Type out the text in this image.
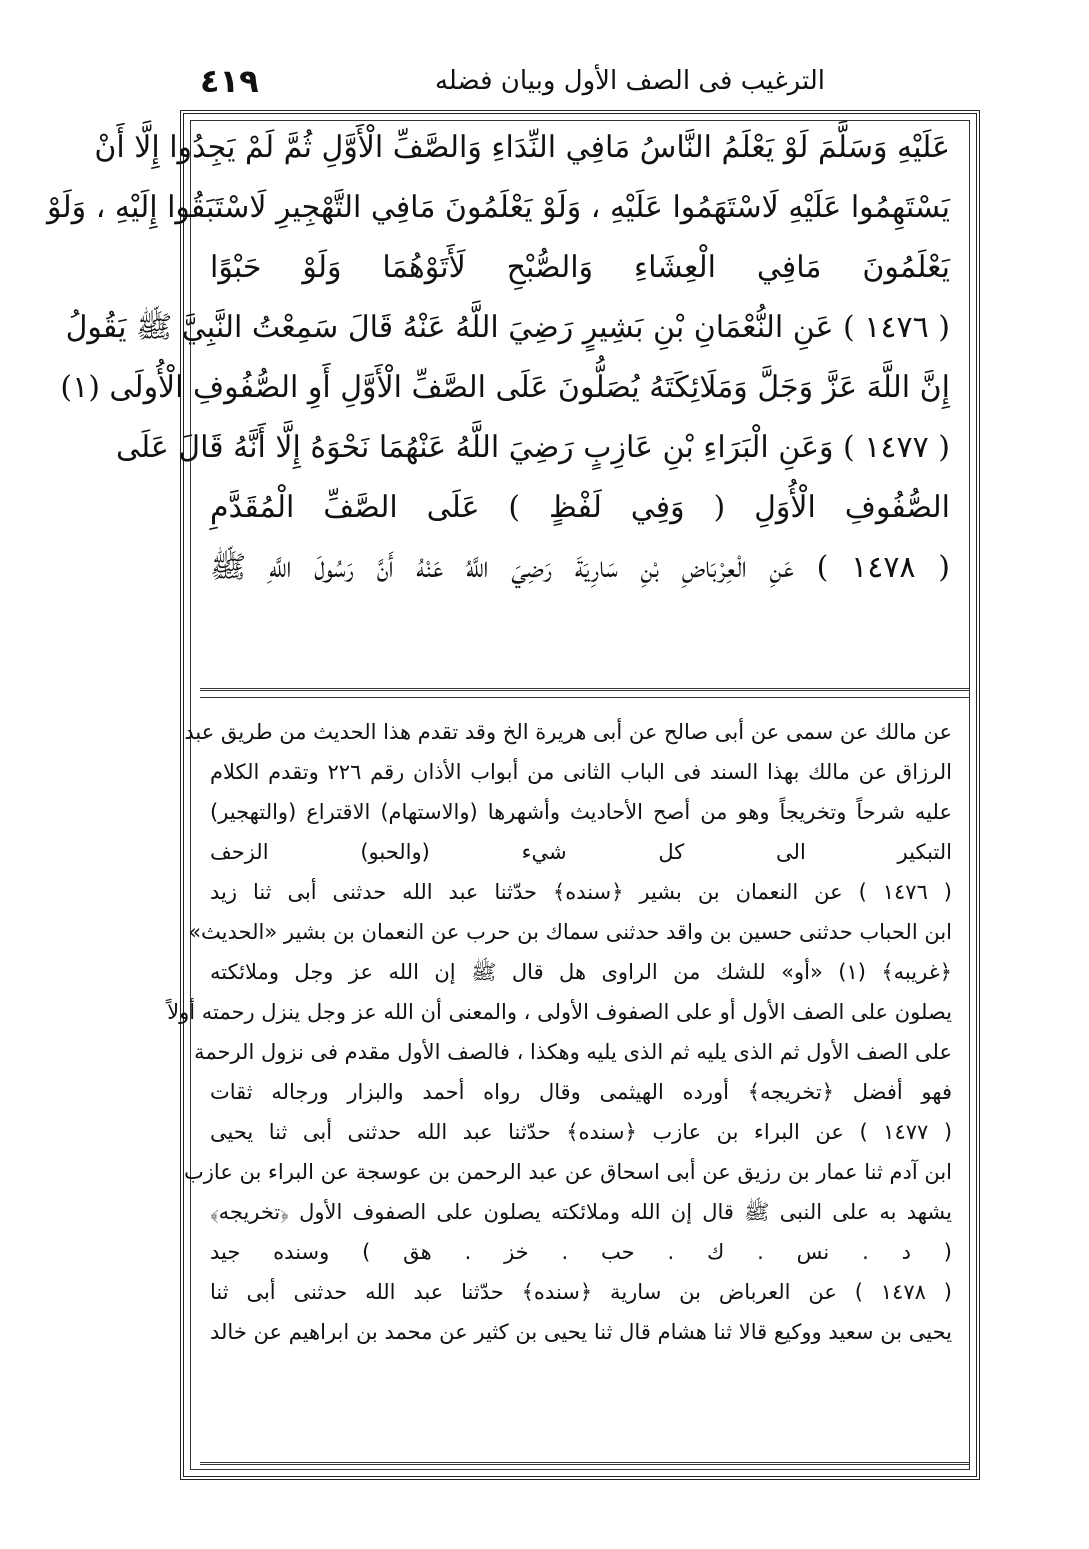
الترغيب فى الصف الأول وبيان فضله
٤١٩
عَلَيْهِ وَسَلَّمَ لَوْ يَعْلَمُ النَّاسُ مَافِي النِّدَاءِ وَالصَّفِّ الْأَوَّلِ ثُمَّ لَمْ يَجِدُوا إِلَّا أَنْ
يَسْتَهِمُوا عَلَيْهِ لَاسْتَهَمُوا عَلَيْهِ ، وَلَوْ يَعْلَمُونَ مَافِي التَّهْجِيرِ لَاسْتَبَقُوا إِلَيْهِ ، وَلَوْ
يَعْلَمُونَ مَافِي الْعِشَاءِ وَالصُّبْحِ لَأَتَوْهُمَا وَلَوْ حَبْوًا
( ١٤٧٦ ) عَنِ النُّعْمَانِ بْنِ بَشِيرٍ رَضِيَ اللَّهُ عَنْهُ قَالَ سَمِعْتُ النَّبِيَّ ﷺ يَقُولُ
إِنَّ اللَّهَ عَزَّ وَجَلَّ وَمَلَائِكَتَهُ يُصَلُّونَ عَلَى الصَّفِّ الْأَوَّلِ أَوِ الصُّفُوفِ الْأُولَى (١)
( ١٤٧٧ ) وَعَنِ الْبَرَاءِ بْنِ عَازِبٍ رَضِيَ اللَّهُ عَنْهُمَا نَحْوَهُ إِلَّا أَنَّهُ قَالَ عَلَى
الصُّفُوفِ الْأُوَلِ ( وَفِي لَفْظٍ ) عَلَى الصَّفِّ الْمُقَدَّمِ
( ١٤٧٨ ) عَنِ الْعِرْبَاضِ بْنِ سَارِيَةَ رَضِيَ اللَّهُ عَنْهُ أَنَّ رَسُولَ اللَّهِ ﷺ
عن مالك عن سمى عن أبى صالح عن أبى هريرة الخ وقد تقدم هذا الحديث من طريق عبد
الرزاق عن مالك بهذا السند فى الباب الثانى من أبواب الأذان رقم ٢٢٦ وتقدم الكلام
عليه شرحاً وتخريجاً وهو من أصح الأحاديث وأشهرها (والاستهام) الاقتراع (والتهجير)
التبكير الى كل شيء (والحبو) الزحف
( ١٤٧٦ ) عن النعمان بن بشير ﴿سنده﴾ حدّثنا عبد الله حدثنى أبى ثنا زيد
ابن الحباب حدثنى حسين بن واقد حدثنى سماك بن حرب عن النعمان بن بشير «الحديث»
﴿غريبه﴾ (١) «أو» للشك من الراوى هل قال ﷺ إن الله عز وجل وملائكته
يصلون على الصف الأول أو على الصفوف الأولى ، والمعنى أن الله عز وجل ينزل رحمته أولاً
على الصف الأول ثم الذى يليه ثم الذى يليه وهكذا ، فالصف الأول مقدم فى نزول الرحمة
فهو أفضل ﴿تخريجه﴾ أورده الهيثمى وقال رواه أحمد والبزار ورجاله ثقات
( ١٤٧٧ ) عن البراء بن عازب ﴿سنده﴾ حدّثنا عبد الله حدثنى أبى ثنا يحيى
ابن آدم ثنا عمار بن رزيق عن أبى اسحاق عن عبد الرحمن بن عوسجة عن البراء بن عازب
يشهد به على النبى ﷺ قال إن الله وملائكته يصلون على الصفوف الأول ﴿تخريجه﴾
( د . نس . ك . حب . خز . هق ) وسنده جيد
( ١٤٧٨ ) عن العرباض بن سارية ﴿سنده﴾ حدّثنا عبد الله حدثنى أبى ثنا
يحيى بن سعيد ووكيع قالا ثنا هشام قال ثنا يحيى بن كثير عن محمد بن ابراهيم عن خالد
